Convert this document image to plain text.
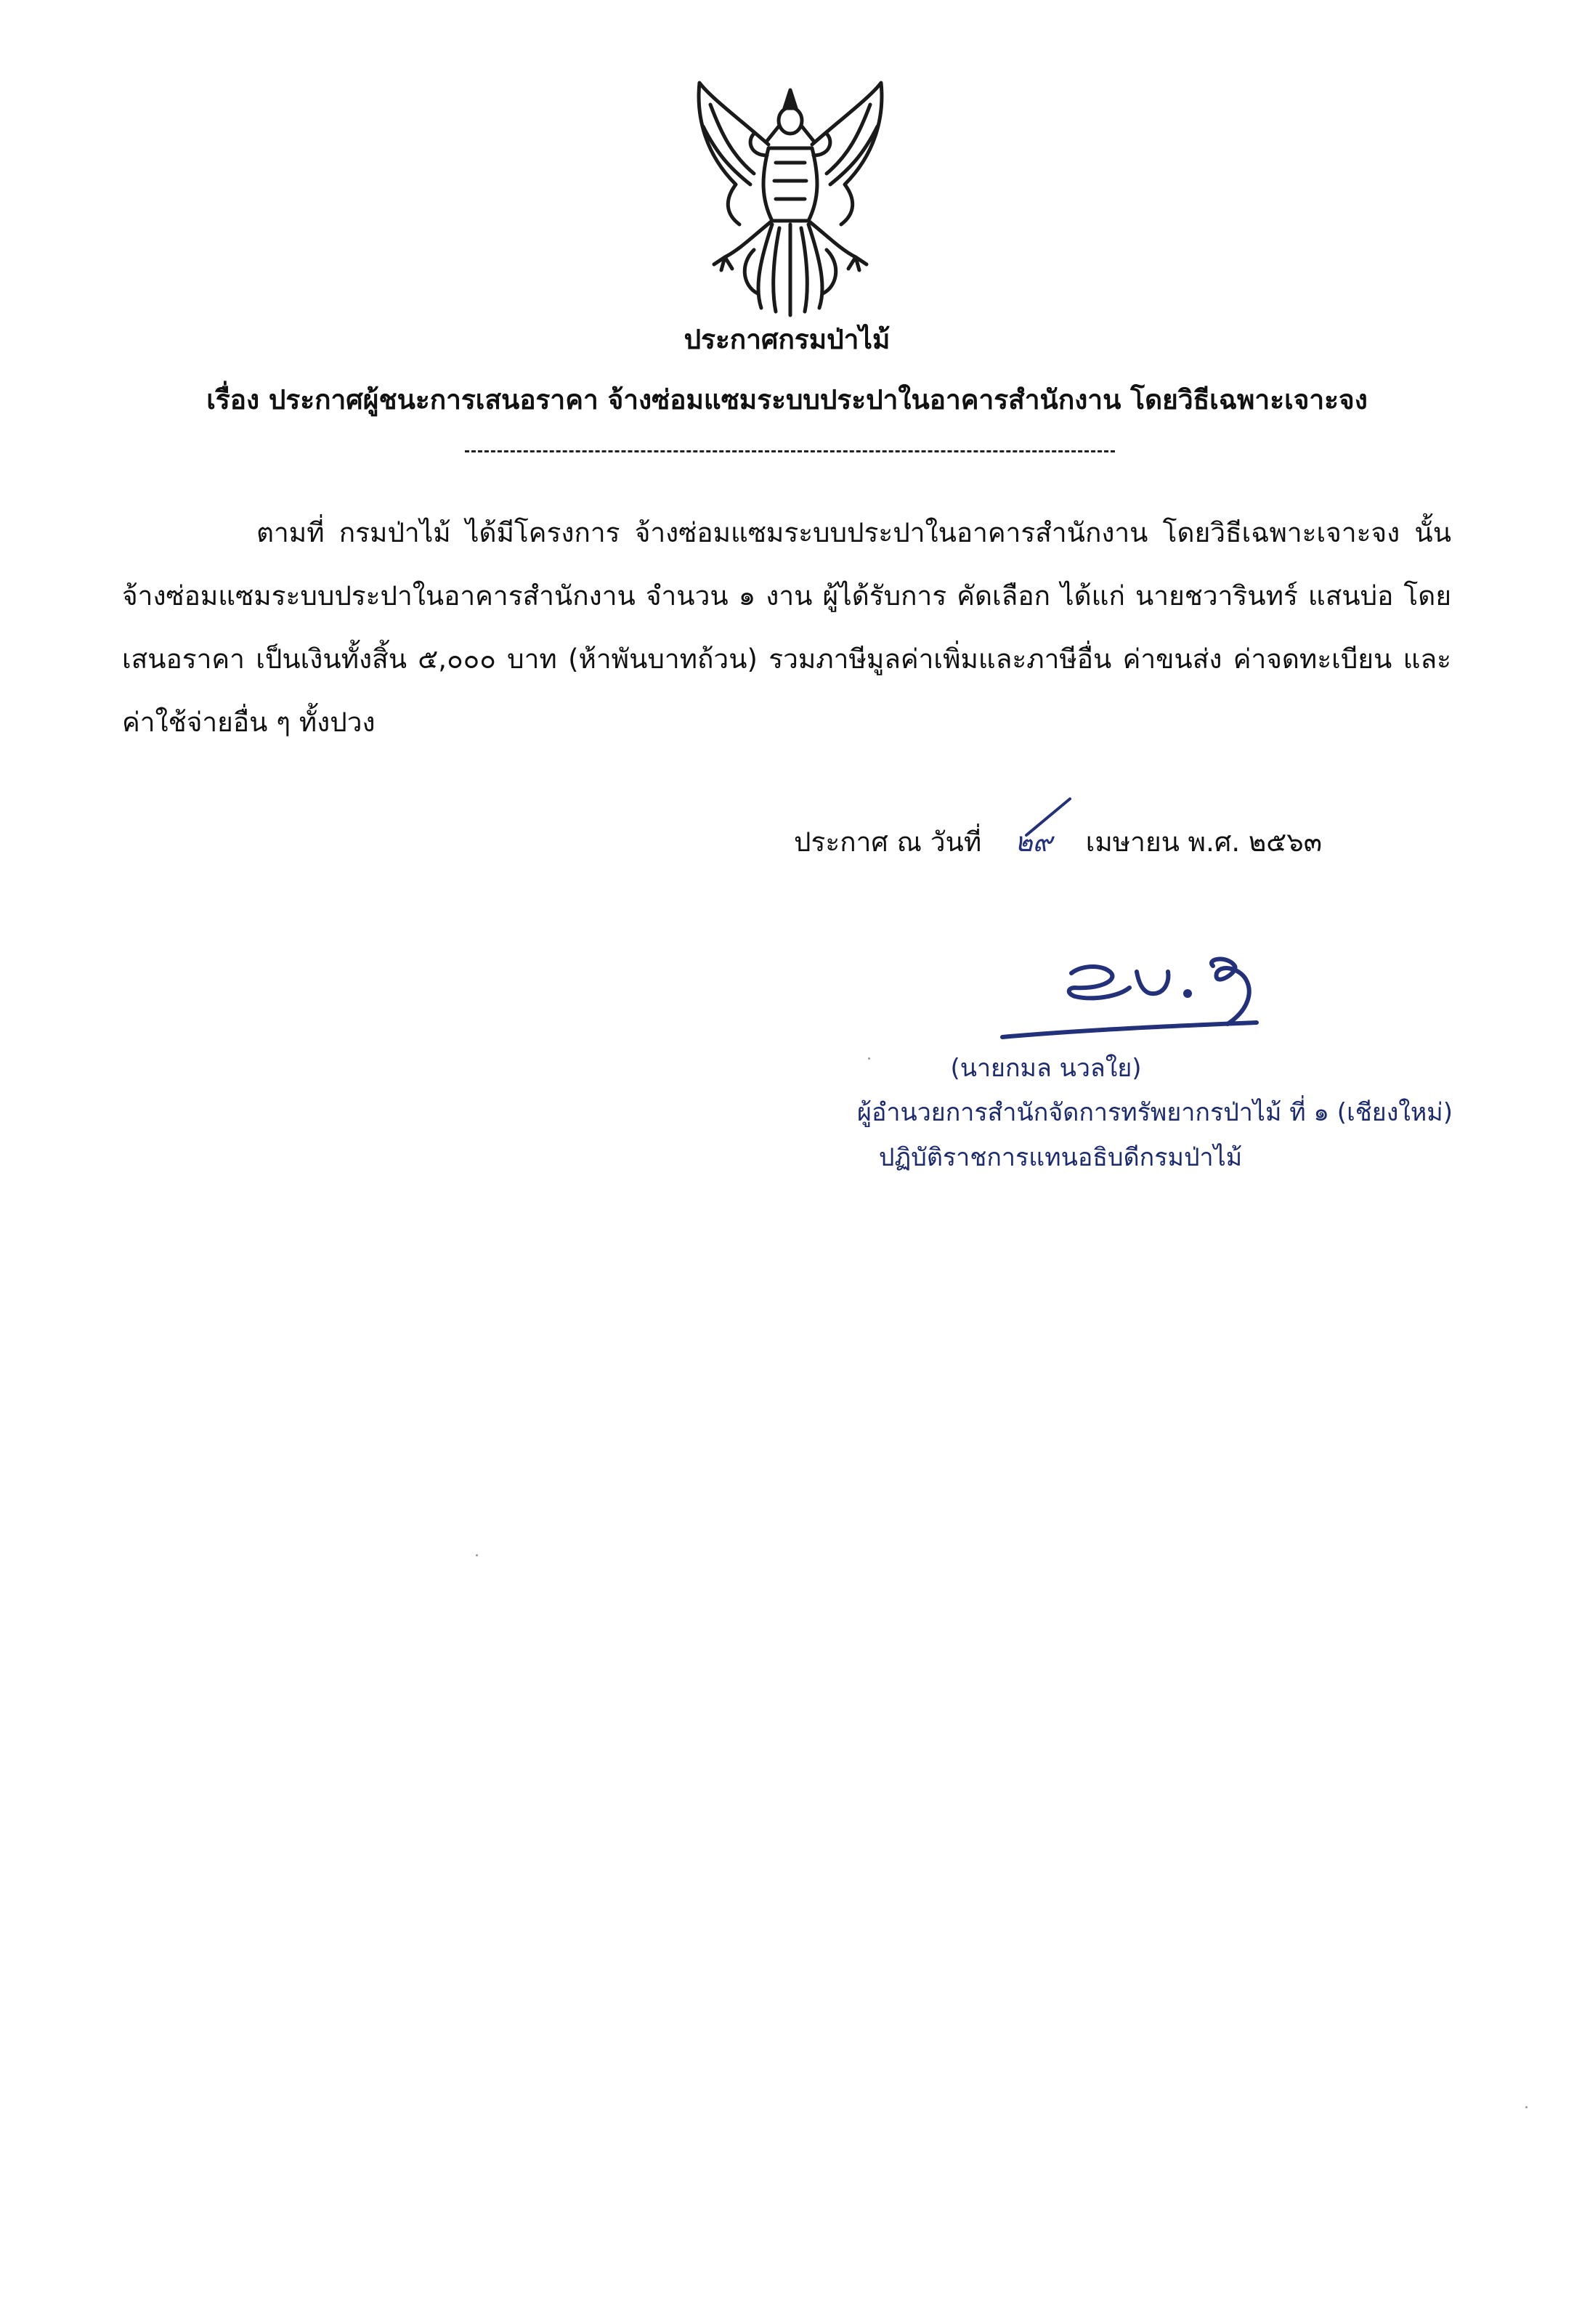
ประกาศกรมป่าไม้
เรื่อง ประกาศผู้ชนะการเสนอราคา จ้างซ่อมแซมระบบประปาในอาคารสำนักงาน โดยวิธีเฉพาะเจาะจง
ตามที่ กรมป่าไม้ ได้มีโครงการ จ้างซ่อมแซมระบบประปาในอาคารสำนักงาน โดยวิธีเฉพาะเจาะจง นั้น จ้างซ่อมแซมระบบประปาในอาคารสำนักงาน จำนวน ๑ งาน ผู้ได้รับการ คัดเลือก ได้แก่ นายชวารินทร์ แสนบ่อ โดยเสนอราคา เป็นเงินทั้งสิ้น ๕,๐๐๐ บาท (ห้าพันบาทถ้วน) รวมภาษีมูลค่าเพิ่มและภาษีอื่น ค่าขนส่ง ค่าจดทะเบียน และค่าใช้จ่ายอื่น ๆ ทั้งปวง
ประกาศ ณ วันที่ ๒๙ เมษายน พ.ศ. ๒๕๖๓
(นายกมล นวลใย)
ผู้อำนวยการสำนักจัดการทรัพยากรป่าไม้ ที่ ๑ (เชียงใหม่)
ปฏิบัติราชการแทนอธิบดีกรมป่าไม้
